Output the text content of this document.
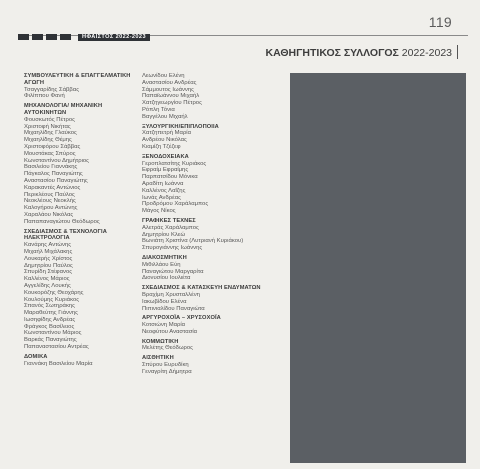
119
ΗΦΑΙΣΤΟΣ 2022-2023
ΚΑΘΗΓΗΤΙΚΟΣ ΣΥΛΛΟΓΟΣ 2022-2023
ΣΥΜΒΟΥΛΕΥΤΙΚΗ & ΕΠΑΓΓΕΛΜΑΤΙΚΗ ΑΓΩΓΗ
Τσαγγαρίδης Σάββας
Φιλίππου Φανή
ΜΗΧΑΝΟΛΟΓΙΑ/ ΜΗΧΑΝΙΚΗ ΑΥΤΟΚΙΝΗΤΩΝ
Φουσκωτός Πέτρος
Χριστοφή Νικήτας
Μιχαηλίδης Γλαύκος
Μιχαηλίδης Θέμης
Χριστοφόρου Σάββας
Μουστάκας Σπύρος
Κωνσταντίνου Δημήτριος
Βασιλείου Γιαννάκης
Πάγκαλος Παναγιώτης
Αναστασίου Παναγιώτης
Καρακαντές Αντώνιος
Περικλέους Παύλος
Νεοκλέους Νεοκλής
Καλογήρου Αντώνης
Χαραλάου Νικόλας
Παπαπαναγιώτου Θεόδωρος
ΣΧΕΔΙΑΣΜΟΣ & ΤΕΧΝΟΛΟΓΙΑ ΗΛΕΚΤΡΟΛΟΓΙΑ
Κανάρης Αντώνης
Μιχαήλ Μιχάλακης
Λουκαρής Χρίστος
Δημητρίου Παύλος
Σπυρίδη Στέφανος
Καλλένος Μάριος
Αγγελίδης Λουκής
Κουκορόζης Θεοχάρης
Κουλούμης Κυριάκος
Σπανός Σωτηράκης
Μαραθεύτης Γιάννης
Ιωσηφίδης Ανδρέας
Φράγκος Βασίλειος
Κωνσταντίνου Μάριος
Βαρκάς Παναγιώτης
Παπαναστασίου Αντρέας
ΔΟΜΙΚΑ
Γιαννάκη Βασιλείου Μαρία
Λεωνίδου Ελένη
Αναστασίου Ανδρέας
Σάμμουτος Ιωάννης
Παπαϊωάννου Μιχαήλ
Χατζηγεωργίου Πέτρος
Ρόπλη Τόνια
Βαγγέλου Μιχαήλ
ΞΥΛΟΥΡΓΙΚΗ/ΕΠΙΠΛΟΠΟΙΙΑ
Χατζηπετρή Μαρία
Ανδρέου Νικόλας
Κιαμίζη Τζέζεφ
ΞΕΝΟΔΟΧΕΙΑΚΑ
Γεροπλατσίτης Κυριάκος
Εφραίμ Εφραίμης
Παρπατσίδου Μόνικα
Αραδίτη Ιωάννα
Καλλένος Λαΐζης
Ιωνάς Ανδρέας
Προδρόμου Χαράλαμπος
Μάγος Νίκος
ΓΡΑΦΙΚΕΣ ΤΕΧΝΕΣ
Αλετράς Χαράλαμπος
Δημητρίου Κλεώ
Βωνιάτη Χριστίνα (Λυτριανή Κυριάκου)
Σπυρογιάννης Ιωάννης
ΔΙΑΚΟΣΜΗΤΙΚΗ
Μιθιλλάου Εύη
Παναγιώτου Μαργαρίτα
Διονυσίου Ιουλιέτα
ΣΧΕΔΙΑΣΜΟΣ & ΚΑΤΑΣΚΕΥΗ ΕΝΔΥΜΑΤΩΝ
Βραχίμη Χρυσταλλένη
Ιακωβίδου Ελένα
Πιπινιαλίδου Παναγιώτα
ΑΡΓΥΡΟΧΟΪΑ – ΧΡΥΣΟΧΟΪΑ
Κοτσιώνη Μαρία
Νεοφύτου Αναστασία
ΚΟΜΜΩΤΙΚΗ
Μελέτης Θεόδωρος
ΑΙΣΘΗΤΙΚΗ
Σπύρου Ευρυδίκη
Γεναγρίτη Δήμητρα
